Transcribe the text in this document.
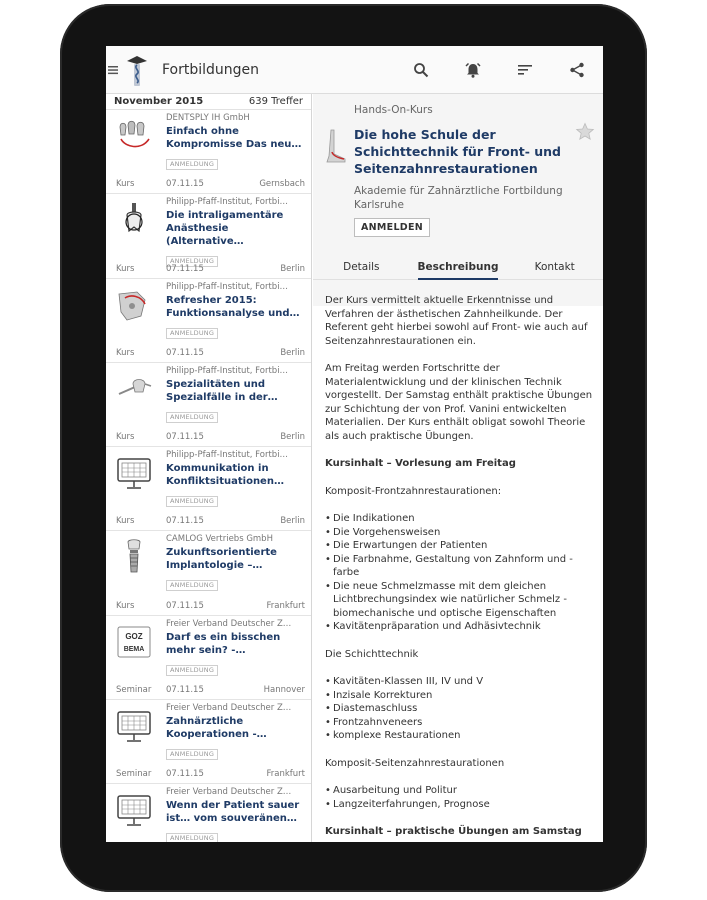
Fortbildungen
November 2015	639 Treffer
DENTSPLY IH GmbH
Einfach ohne Kompromisse Das neu…
ANMELDUNG
Kurs	07.11.15	Gernsbach
Philipp-Pfaff-Institut, Fortbi…
Die intraligamentäre Anästhesie (Alternative…
ANMELDUNG
Kurs	07.11.15	Berlin
Philipp-Pfaff-Institut, Fortbi…
Refresher 2015: Funktionsanalyse und…
ANMELDUNG
Kurs	07.11.15	Berlin
Philipp-Pfaff-Institut, Fortbi…
Spezialitäten und Spezialfälle in der…
ANMELDUNG
Kurs	07.11.15	Berlin
Philipp-Pfaff-Institut, Fortbi…
Kommunikation in Konfliktsituationen…
ANMELDUNG
Kurs	07.11.15	Berlin
CAMLOG Vertriebs GmbH
Zukunftsorientierte Implantologie –…
ANMELDUNG
Kurs	07.11.15	Frankfurt
GOZ
BEMA
Freier Verband Deutscher Z…
Darf es ein bisschen mehr sein? -…
ANMELDUNG
Seminar	07.11.15	Hannover
Freier Verband Deutscher Z…
Zahnärztliche Kooperationen -…
ANMELDUNG
Seminar	07.11.15	Frankfurt
Freier Verband Deutscher Z…
Wenn der Patient sauer ist… vom souveränen…
ANMELDUNG
Hands-On-Kurs
Die hohe Schule der Schichttechnik für Front- und Seitenzahnrestaurationen
Akademie für Zahnärztliche Fortbildung Karlsruhe
ANMELDEN
Details	Beschreibung	Kontakt

Der Kurs vermittelt aktuelle Erkenntnisse und Verfahren der ästhetischen Zahnheilkunde. Der Referent geht hierbei sowohl auf Front- wie auch auf Seitenzahnrestaurationen ein.

Am Freitag werden Fortschritte der Materialentwicklung und der klinischen Technik vorgestellt. Der Samstag enthält praktische Übungen zur Schichtung der von Prof. Vanini entwickelten Materialien. Der Kurs enthält obligat sowohl Theorie als auch praktische Übungen.

Kursinhalt – Vorlesung am Freitag

Komposit-Frontzahnrestaurationen:

• Die Indikationen
• Die Vorgehensweisen
• Die Erwartungen der Patienten
• Die Farbnahme, Gestaltung von Zahnform und -farbe
• Die neue Schmelzmasse mit dem gleichen Lichtbrechungsindex wie natürlicher Schmelz - biomechanische und optische Eigenschaften
• Kavitätenpräparation und Adhäsivtechnik

Die Schichttechnik

• Kavitäten-Klassen III, IV und V
• Inzisale Korrekturen
• Diastemaschluss
• Frontzahnveneers
• komplexe Restaurationen

Komposit-Seitenzahnrestaurationen

• Ausarbeitung und Politur
• Langzeiterfahrungen, Prognose

Kursinhalt – praktische Übungen am Samstag
